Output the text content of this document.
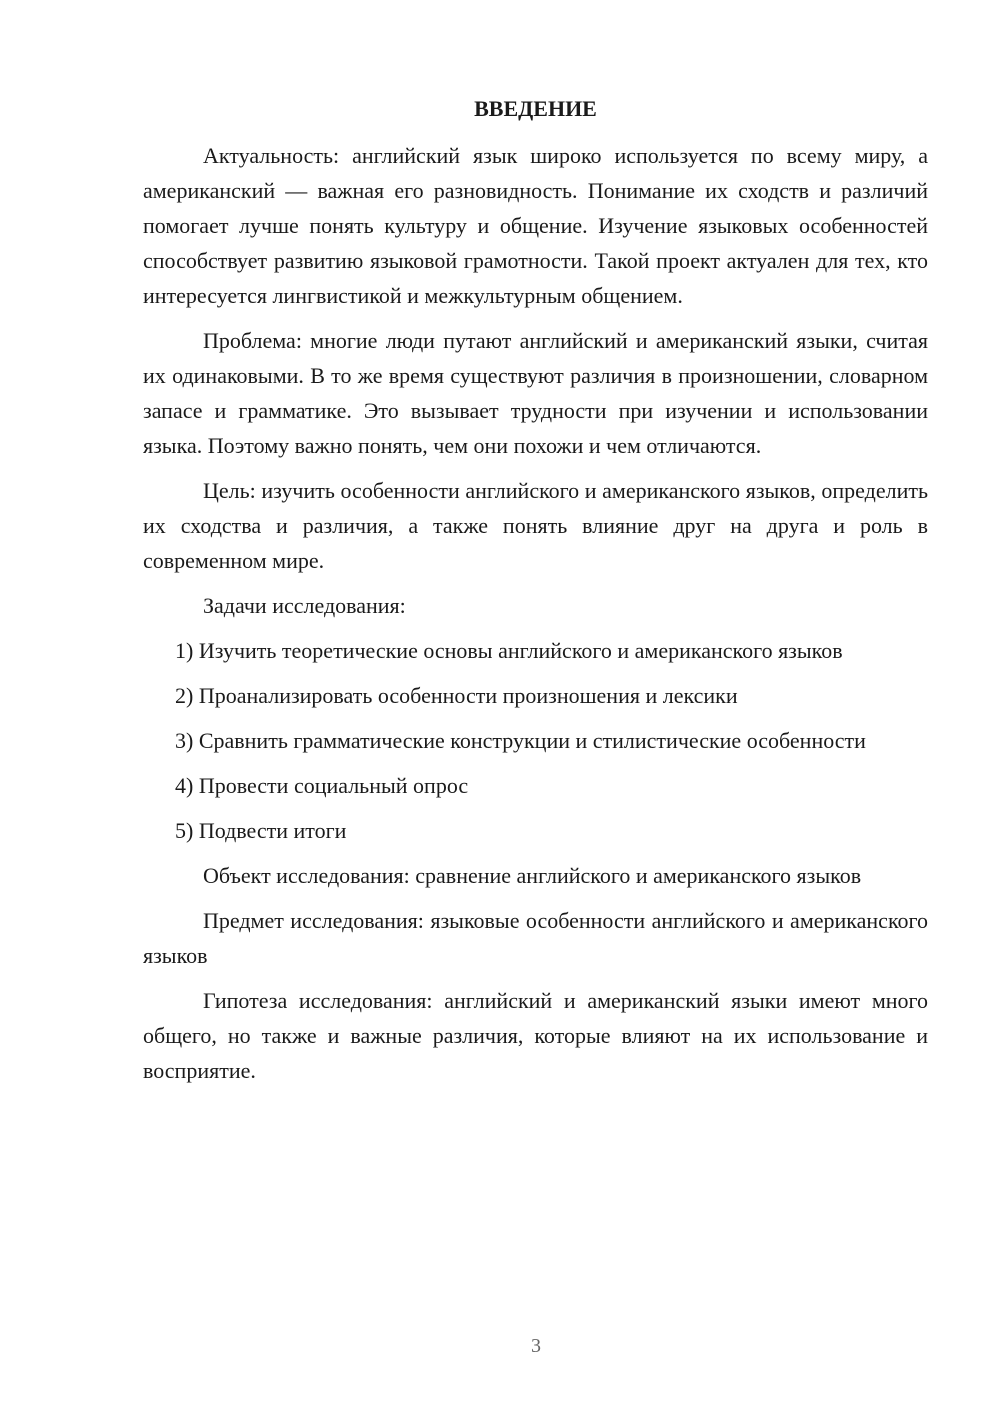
ВВЕДЕНИЕ

Актуальность: английский язык широко используется по всему миру, а американский — важная его разновидность. Понимание их сходств и различий помогает лучше понять культуру и общение. Изучение языковых особенностей способствует развитию языковой грамотности. Такой проект актуален для тех, кто интересуется лингвистикой и межкультурным общением.

Проблема: многие люди путают английский и американский языки, считая их одинаковыми. В то же время существуют различия в произношении, словарном запасе и грамматике. Это вызывает трудности при изучении и использовании языка. Поэтому важно понять, чем они похожи и чем отличаются.

Цель: изучить особенности английского и американского языков, определить их сходства и различия, а также понять влияние друг на друга и роль в современном мире.

Задачи исследования:

1) Изучить теоретические основы английского и американского языков

2) Проанализировать особенности произношения и лексики

3) Сравнить грамматические конструкции и стилистические особенности

4) Провести социальный опрос

5) Подвести итоги

Объект исследования: сравнение английского и американского языков

Предмет исследования: языковые особенности английского и американского языков

Гипотеза исследования: английский и американский языки имеют много общего, но также и важные различия, которые влияют на их использование и восприятие.

3
